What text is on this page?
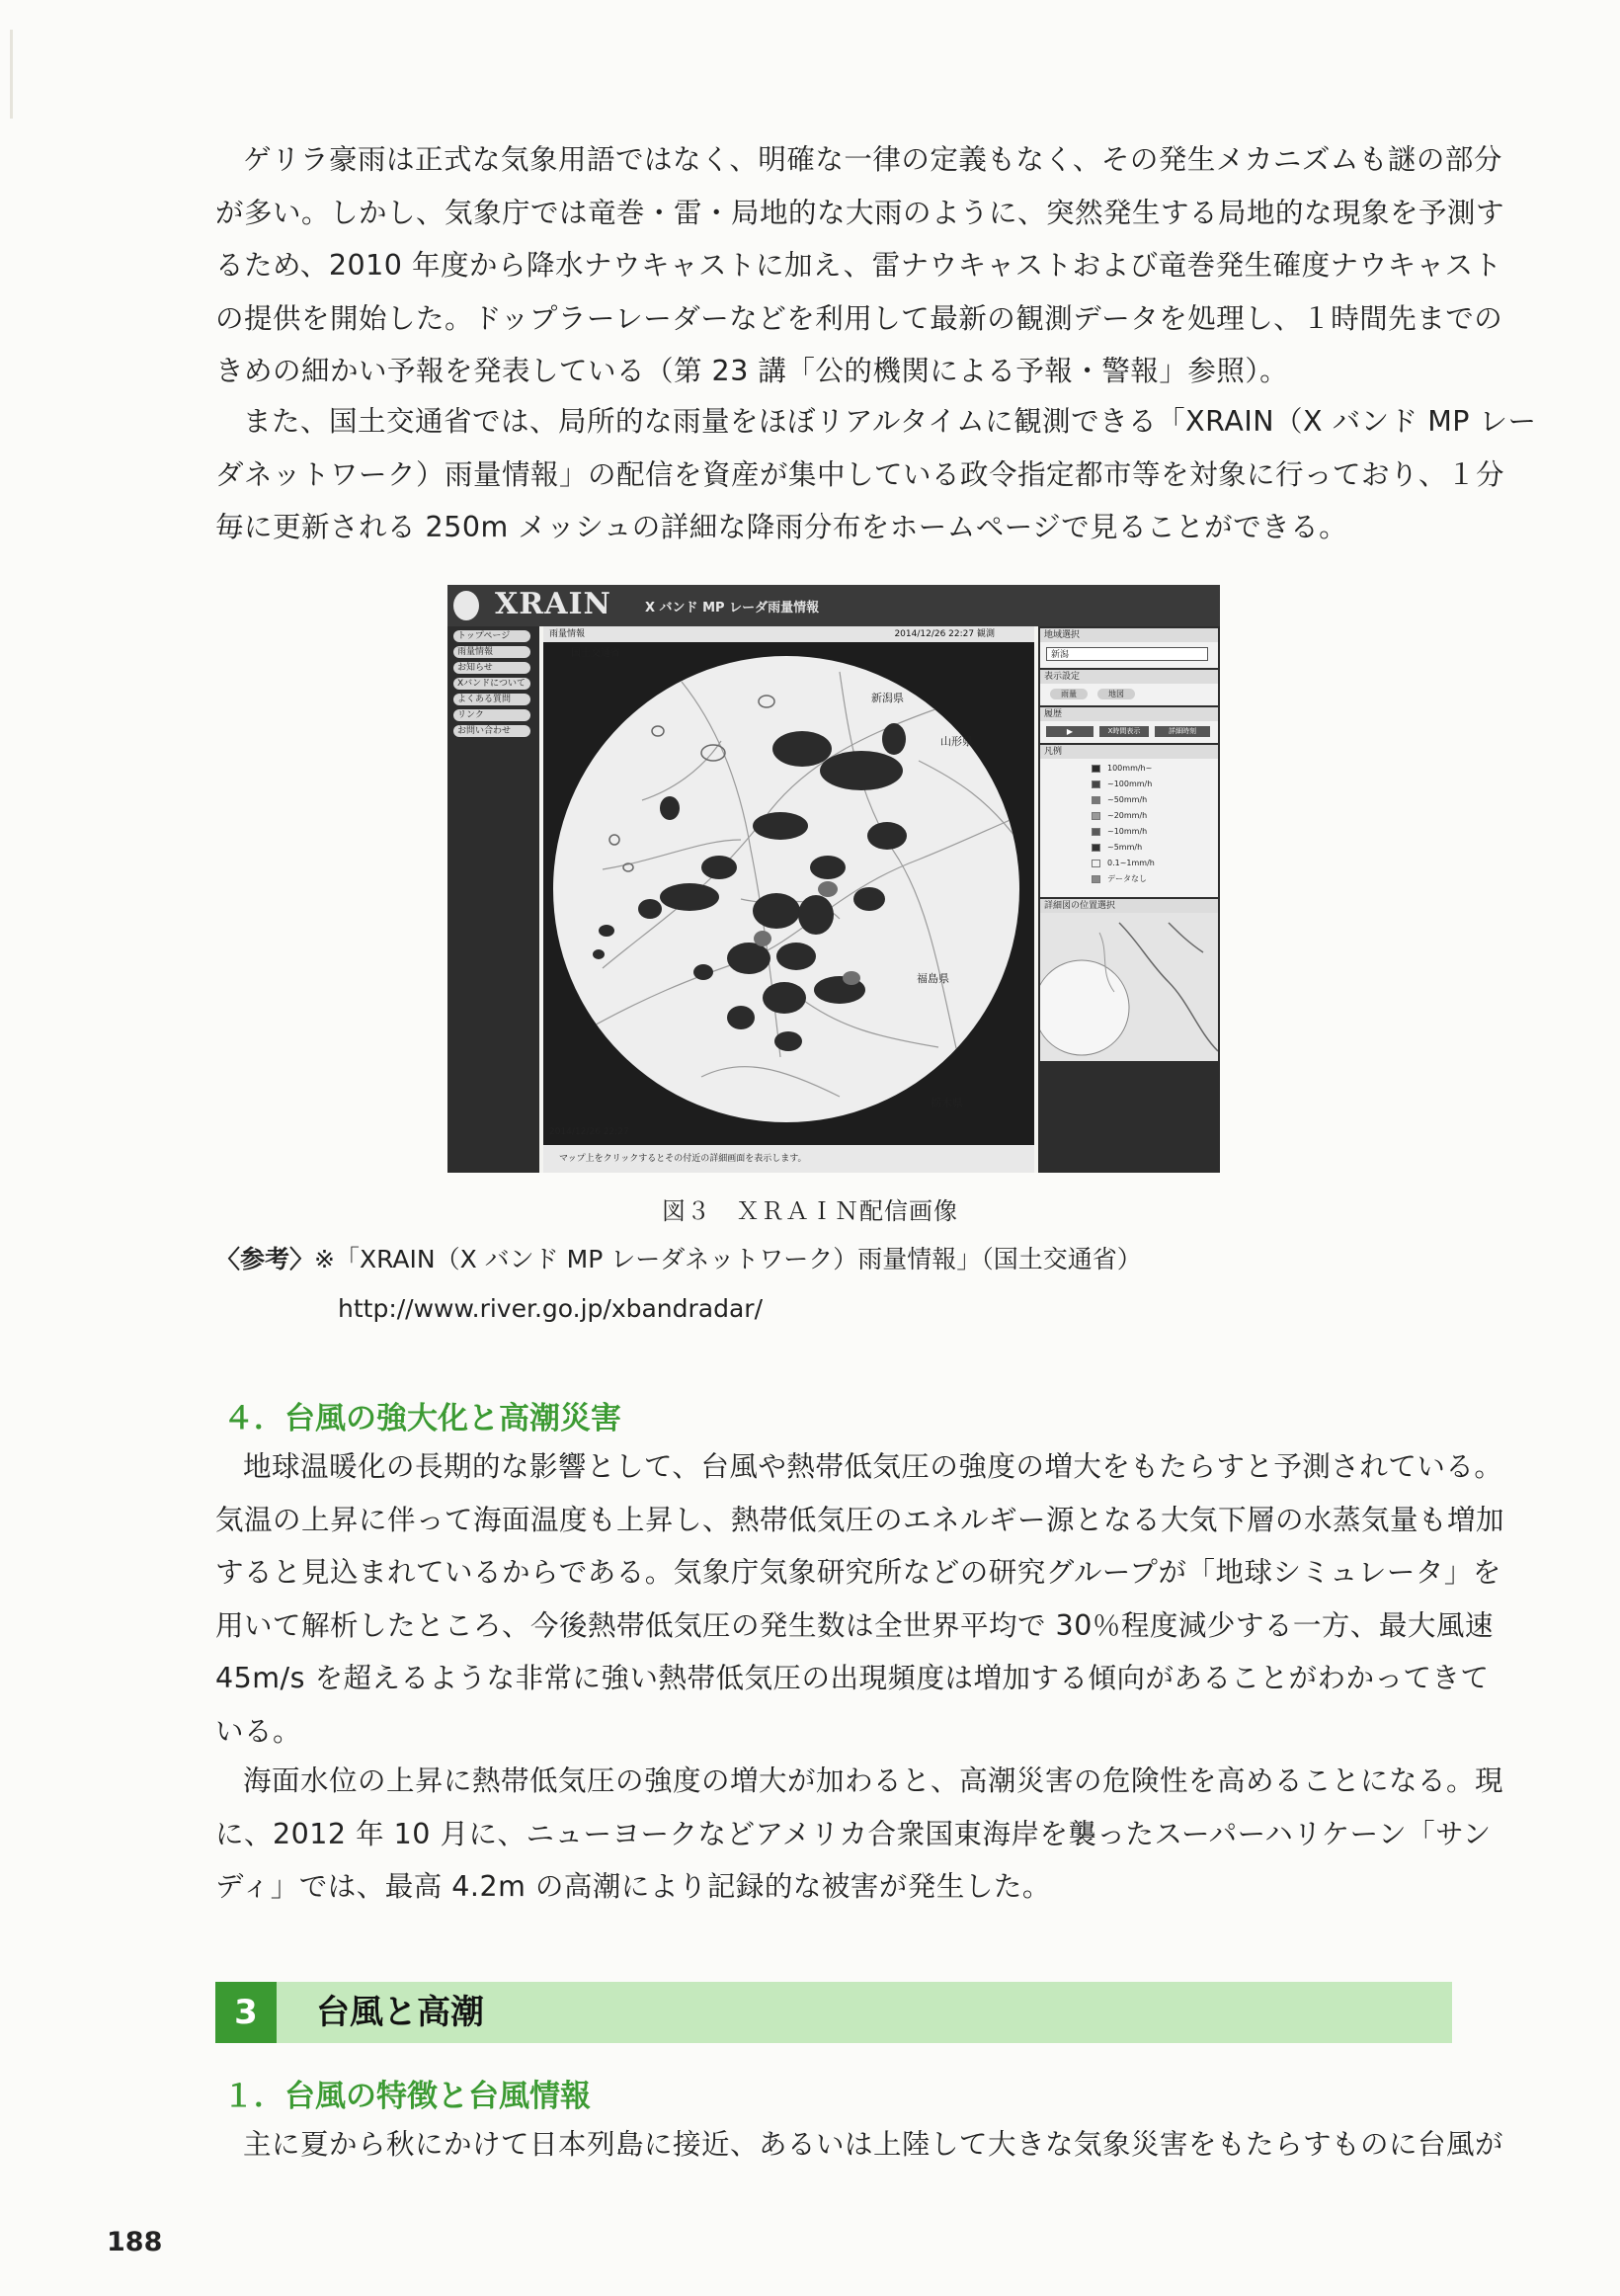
ゲリラ豪雨は正式な気象用語ではなく、明確な一律の定義もなく、その発生メカニズムも謎の部分
が多い。しかし、気象庁では竜巻・雷・局地的な大雨のように、突然発生する局地的な現象を予測す
るため、2010 年度から降水ナウキャストに加え、雷ナウキャストおよび竜巻発生確度ナウキャスト
の提供を開始した。ドップラーレーダーなどを利用して最新の観測データを処理し、１時間先までの
きめの細かい予報を発表している（第 23 講「公的機関による予報・警報」参照）。
また、国土交通省では、局所的な雨量をほぼリアルタイムに観測できる「XRAIN（X バンド MP レー
ダネットワーク）雨量情報」の配信を資産が集中している政令指定都市等を対象に行っており、１分
毎に更新される 250m メッシュの詳細な降雨分布をホームページで見ることができる。
XRAIN	X バンド MP レーダ雨量情報
トップページ
雨量情報
お知らせ
Xバンドについて
よくある質問
リンク
お問い合わせ
雨量情報	2014/12/26 22:27 観測
国土交通省
新潟県
山形県
福島県
栃木県
2014/12/26 22:27
マップ上をクリックするとその付近の詳細画面を表示します。
地域選択
新潟
表示設定
雨量	地図
履歴
▶	X時間表示	詳細時刻
凡例
100mm/h~
~100mm/h
~50mm/h
~20mm/h
~10mm/h
~5mm/h
0.1~1mm/h
データなし
詳細図の位置選択
図３　ＸＲＡＩＮ配信画像
〈参考〉 ※「XRAIN（X バンド MP レーダネットワーク）雨量情報」（国土交通省）
http://www.river.go.jp/xbandradar/
４．台風の強大化と高潮災害
地球温暖化の長期的な影響として、台風や熱帯低気圧の強度の増大をもたらすと予測されている。
気温の上昇に伴って海面温度も上昇し、熱帯低気圧のエネルギー源となる大気下層の水蒸気量も増加
すると見込まれているからである。気象庁気象研究所などの研究グループが「地球シミュレータ」を
用いて解析したところ、今後熱帯低気圧の発生数は全世界平均で 30％程度減少する一方、最大風速
45m/s を超えるような非常に強い熱帯低気圧の出現頻度は増加する傾向があることがわかってきて
いる。
海面水位の上昇に熱帯低気圧の強度の増大が加わると、高潮災害の危険性を高めることになる。現
に、2012 年 10 月に、ニューヨークなどアメリカ合衆国東海岸を襲ったスーパーハリケーン「サン
ディ」では、最高 4.2m の高潮により記録的な被害が発生した。
3	台風と高潮
１．台風の特徴と台風情報
主に夏から秋にかけて日本列島に接近、あるいは上陸して大きな気象災害をもたらすものに台風が
188
